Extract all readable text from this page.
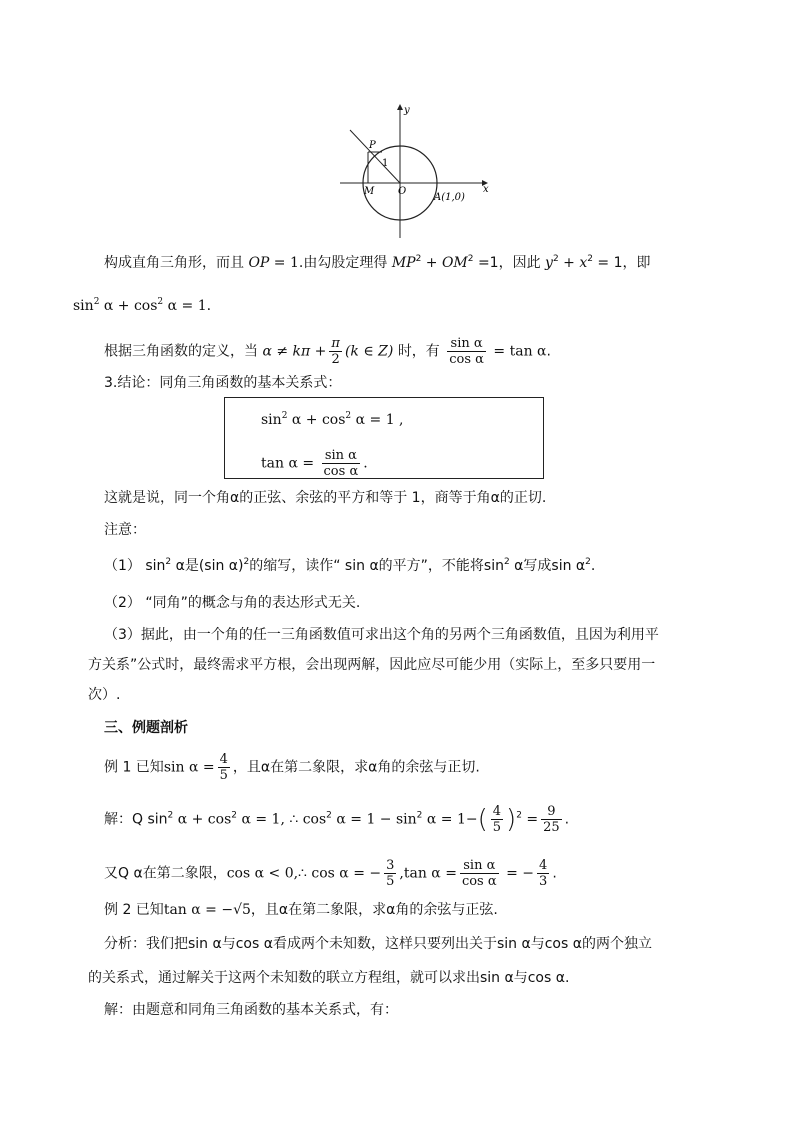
y
x
P
M O
1
A(1,0)
构成直角三角形，而且 OP = 1.由勾股定理得 $MP^2 + OM^2 =1$，因此 $y^2 + x^2 = 1$，即
$\sin^2 \alpha + \cos^2 \alpha = 1$.
根据三角函数的定义，当 $\alpha \ne k\pi + \frac{\pi}{2} (k$ ∈ Z) 时，有 $\frac{\text{sin α}}{\text{cos α}} = \tan \alpha$.
3.结论：同角三角函数的基本关系式：
$\sin^2 \alpha + \cos^2 \alpha = 1$ ,
$\tan \alpha = \frac{\text{sin α}}{\text{cos α}}$ .
这就是说，同一个角α的正弦、余弦的平方和等于 1，商等于角α的正切.
注意：
（1） $\sin^2 \alpha$是(sin α)$^2$的缩写，读作“ sin α的平方”，不能将$\sin^2 \alpha$写成$\sin \alpha^2$.
（2） “同角”的概念与角的表达形式无关.
（3）据此，由一个角的任一三角函数值可求出这个角的另两个三角函数值，且因为利用平
方关系”公式时，最终需求平方根，会出现两解，因此应尽可能少用（实际上，至多只要用一
次）.
三、例题剖析
例 1 已知$\sin \alpha = \frac{4}{5}$ ，且α在第二象限，求α角的余弦与正切.
解：Q $\sin^2 \alpha + \cos^2 \alpha = 1$, ∴ $\cos^2 \alpha = 1 - \sin^2 \alpha = 1-( \frac{4}{5} )^2 = \frac{9}{25}$ .
又Q α在第二象限，cos α < 0,∴ cos α = − $\frac{3}{5} ,\tan$ $\alpha = \frac{\text{sin α}}{\text{cos α}}$ = − $\frac{4}{3}$ .
例 2 已知tan α = −√5，且α在第二象限，求α角的余弦与正弦.
分析：我们把sin α与cos α看成两个未知数，这样只要列出关于sin α与cos α的两个独立
的关系式，通过解关于这两个未知数的联立方程组，就可以求出sin α与cos α.
解：由题意和同角三角函数的基本关系式，有：
